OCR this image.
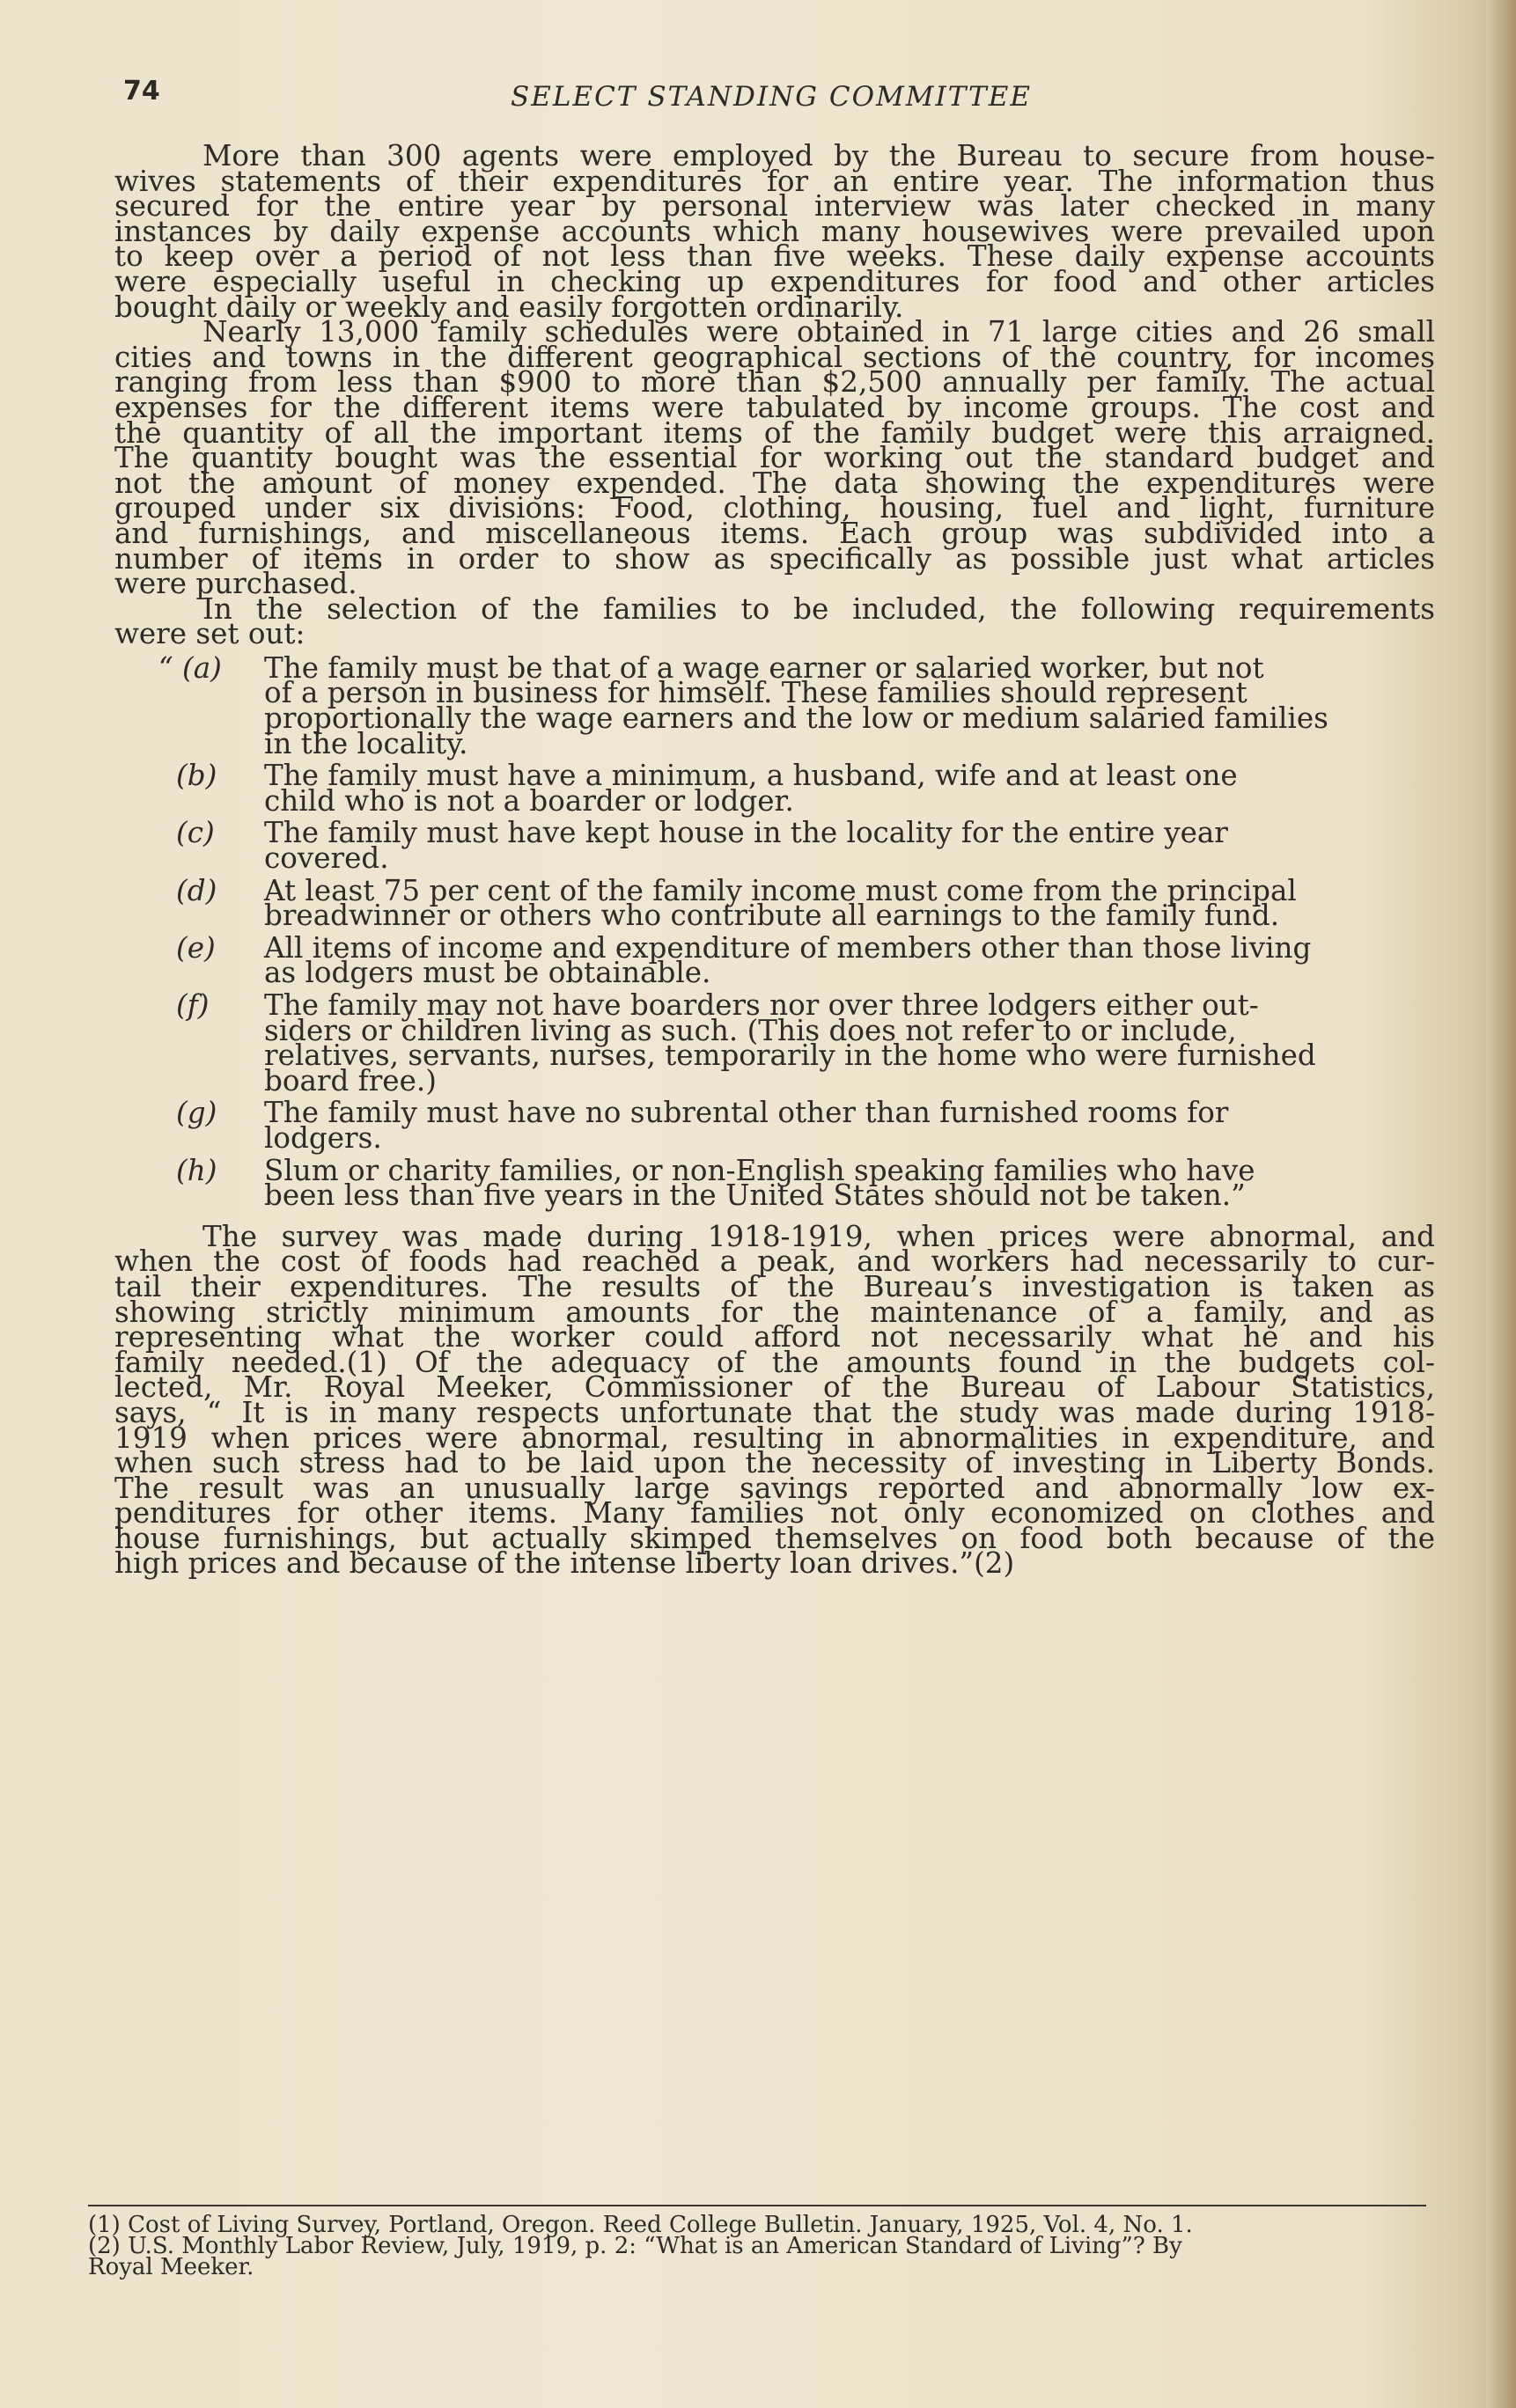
74	SELECT STANDING COMMITTEE

More than 300 agents were employed by the Bureau to secure from house-
wives statements of their expenditures for an entire year. The information thus
secured for the entire year by personal interview was later checked in many
instances by daily expense accounts which many housewives were prevailed upon
to keep over a period of not less than five weeks. These daily expense accounts
were especially useful in checking up expenditures for food and other articles
bought daily or weekly and easily forgotten ordinarily.

Nearly 13,000 family schedules were obtained in 71 large cities and 26 small
cities and towns in the different geographical sections of the country, for incomes
ranging from less than $900 to more than $2,500 annually per family. The actual
expenses for the different items were tabulated by income groups. The cost and
the quantity of all the important items of the family budget were this arraigned.
The quantity bought was the essential for working out the standard budget and
not the amount of money expended. The data showing the expenditures were
grouped under six divisions: Food, clothing, housing, fuel and light, furniture
and furnishings, and miscellaneous items. Each group was subdivided into a
number of items in order to show as specifically as possible just what articles
were purchased.

In the selection of the families to be included, the following requirements
were set out:

“ (a) The family must be that of a wage earner or salaried worker, but not
of a person in business for himself. These families should represent
proportionally the wage earners and the low or medium salaried families
in the locality.
(b) The family must have a minimum, a husband, wife and at least one
child who is not a boarder or lodger.
(c) The family must have kept house in the locality for the entire year
covered.
(d) At least 75 per cent of the family income must come from the principal
breadwinner or others who contribute all earnings to the family fund.
(e) All items of income and expenditure of members other than those living
as lodgers must be obtainable.
(f) The family may not have boarders nor over three lodgers either out-
siders or children living as such. (This does not refer to or include,
relatives, servants, nurses, temporarily in the home who were furnished
board free.)
(g) The family must have no subrental other than furnished rooms for
lodgers.
(h) Slum or charity families, or non-English speaking families who have
been less than five years in the United States should not be taken.”

The survey was made during 1918-1919, when prices were abnormal, and
when the cost of foods had reached a peak, and workers had necessarily to cur-
tail their expenditures. The results of the Bureau’s investigation is taken as
showing strictly minimum amounts for the maintenance of a family, and as
representing what the worker could afford not necessarily what he and his
family needed.(1) Of the adequacy of the amounts found in the budgets col-
lected, Mr. Royal Meeker, Commissioner of the Bureau of Labour Statistics,
says, “ It is in many respects unfortunate that the study was made during 1918-
1919 when prices were abnormal, resulting in abnormalities in expenditure, and
when such stress had to be laid upon the necessity of investing in Liberty Bonds.
The result was an unusually large savings reported and abnormally low ex-
penditures for other items. Many families not only economized on clothes and
house furnishings, but actually skimped themselves on food both because of the
high prices and because of the intense liberty loan drives.”(2)

(1) Cost of Living Survey, Portland, Oregon. Reed College Bulletin. January, 1925, Vol. 4, No. 1.

(2) U.S. Monthly Labor Review, July, 1919, p. 2: “What is an American Standard of Living”? By

Royal Meeker.
